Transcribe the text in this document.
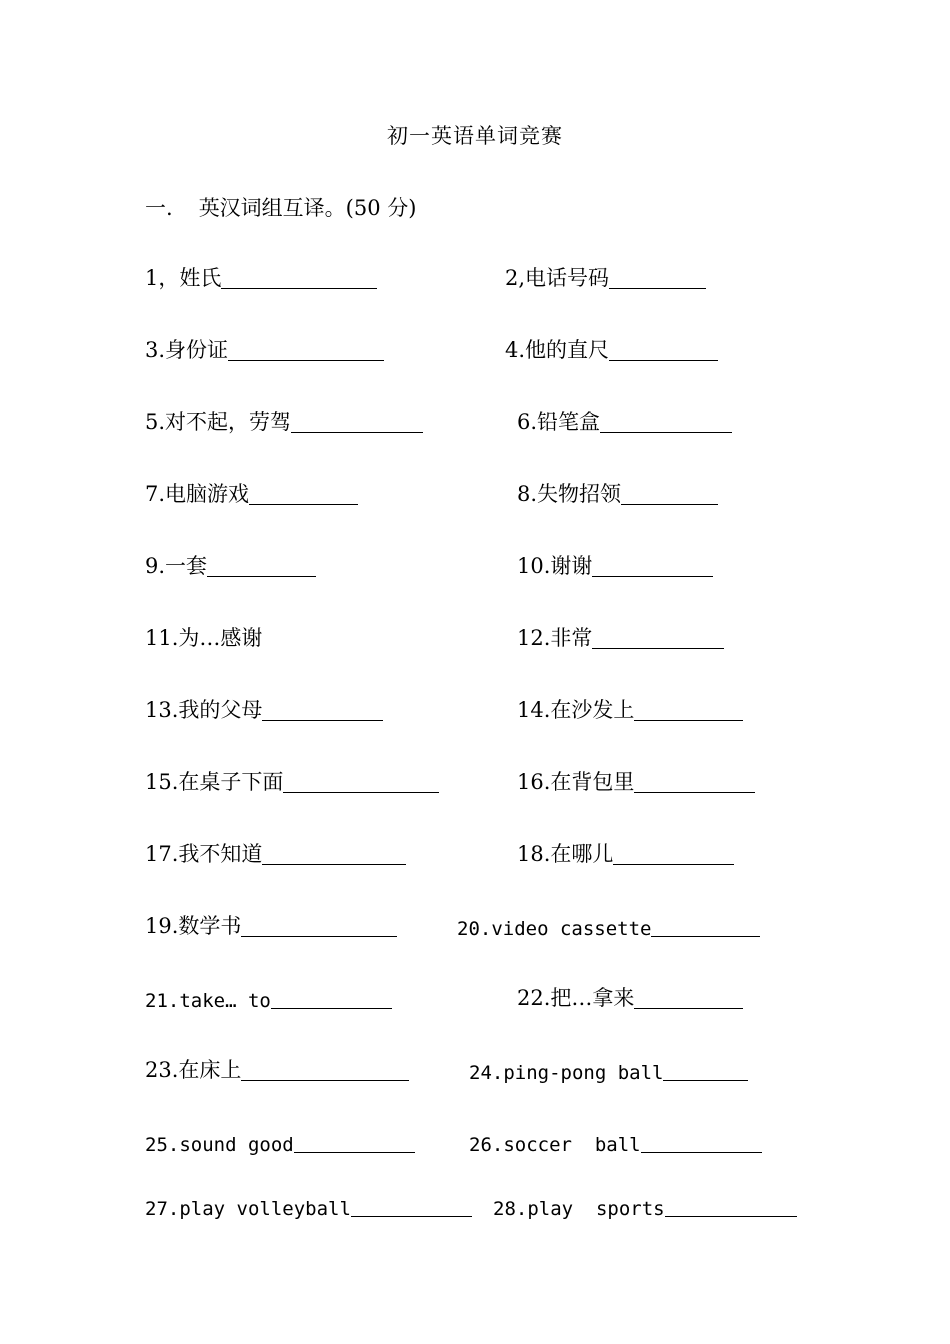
初一英语单词竞赛
一. 英汉词组互译。(50 分)
1，姓氏	2,电话号码
3.身份证	4.他的直尺
5.对不起，劳驾	6.铅笔盒
7.电脑游戏	8.失物招领
9.一套	10.谢谢
11.为…感谢	12.非常
13.我的父母	14.在沙发上
15.在桌子下面	16.在背包里
17.我不知道	18.在哪儿
19.数学书	20.video cassette
21.take… to	22.把…拿来
23.在床上	24.ping-pong ball
25.sound good	26.soccer  ball
27.play volleyball	28.play  sports
